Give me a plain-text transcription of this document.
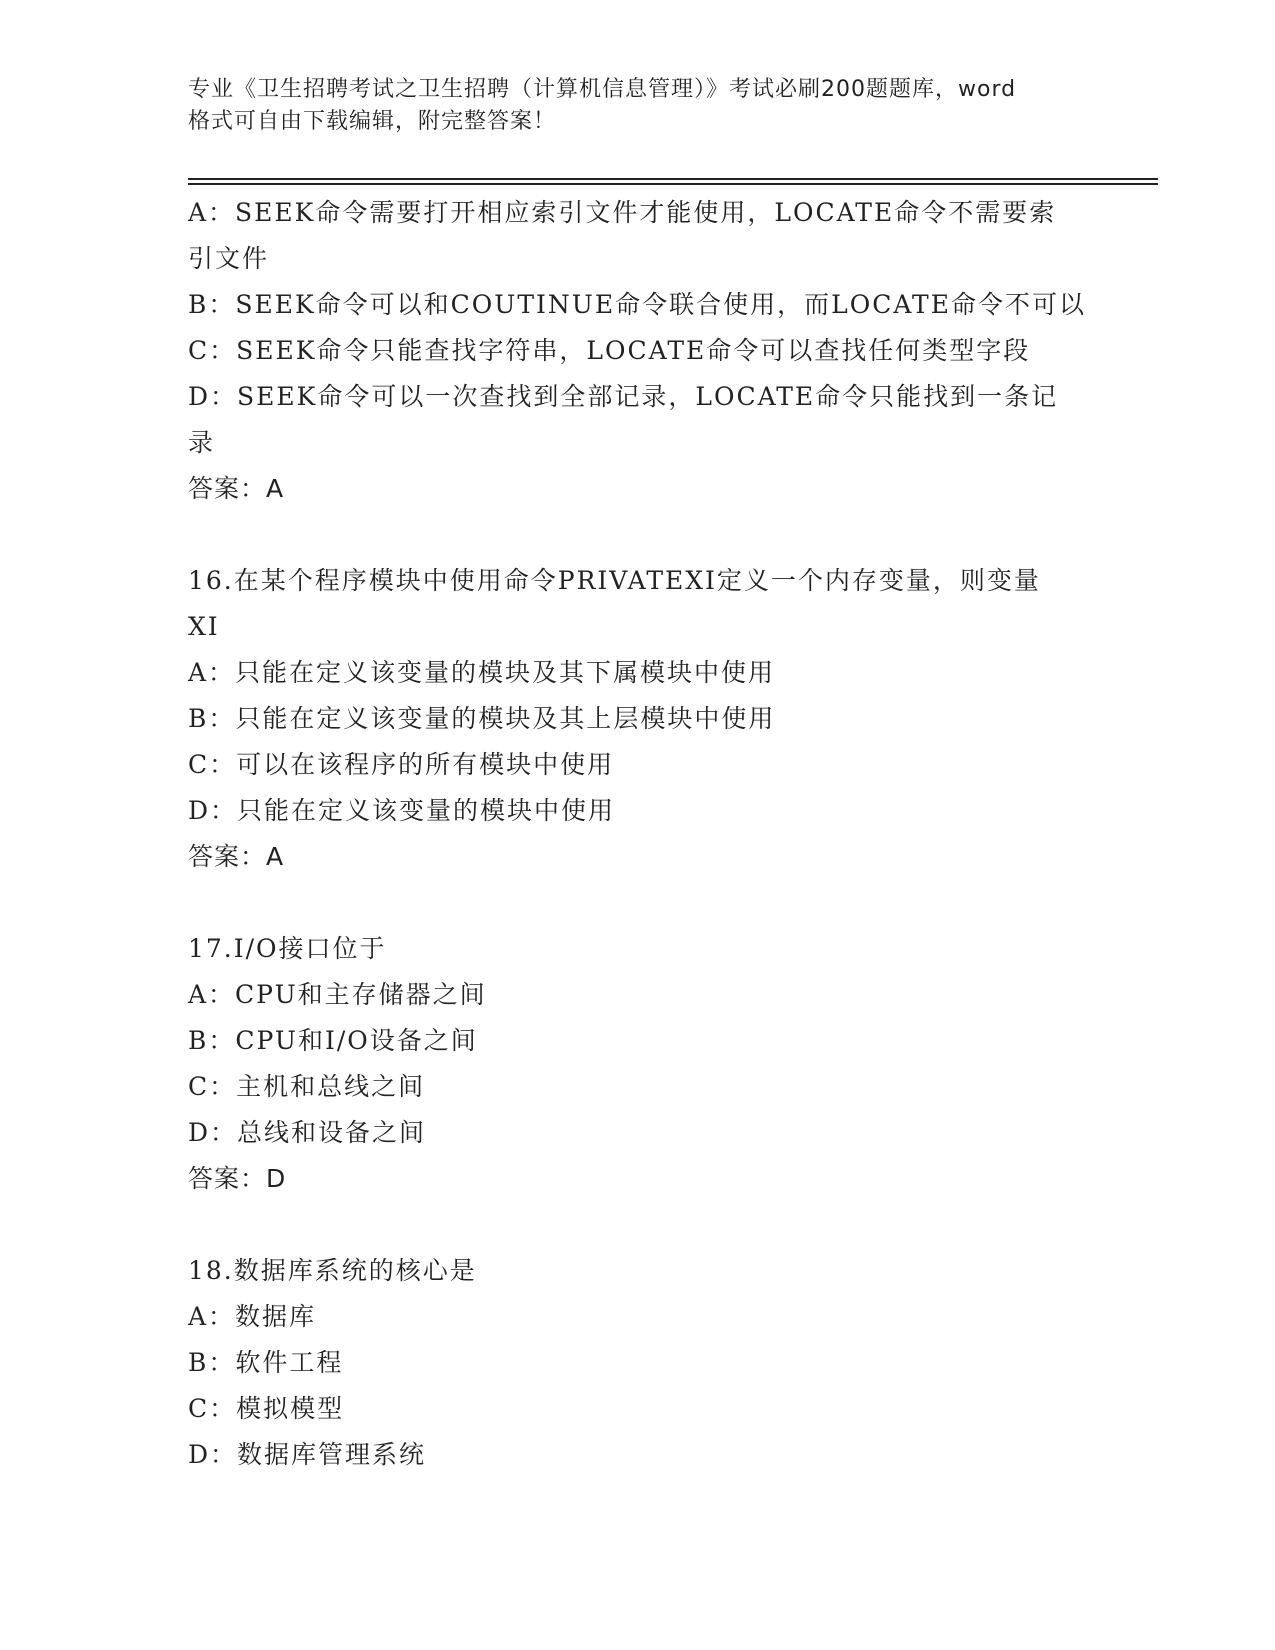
专业《卫生招聘考试之卫生招聘（计算机信息管理）》考试必刷200题题库，word
格式可自由下载编辑，附完整答案！
A：SEEK命令需要打开相应索引文件才能使用，LOCATE命令不需要索
引文件
B：SEEK命令可以和COUTINUE命令联合使用，而LOCATE命令不可以
C：SEEK命令只能查找字符串，LOCATE命令可以查找任何类型字段
D：SEEK命令可以一次查找到全部记录，LOCATE命令只能找到一条记
录
答案：A
16.在某个程序模块中使用命令PRIVATEXI定义一个内存变量，则变量
XI
A：只能在定义该变量的模块及其下属模块中使用
B：只能在定义该变量的模块及其上层模块中使用
C：可以在该程序的所有模块中使用
D：只能在定义该变量的模块中使用
答案：A
17.I/O接口位于
A：CPU和主存储器之间
B：CPU和I/O设备之间
C：主机和总线之间
D：总线和设备之间
答案：D
18.数据库系统的核心是
A：数据库
B：软件工程
C：模拟模型
D：数据库管理系统
